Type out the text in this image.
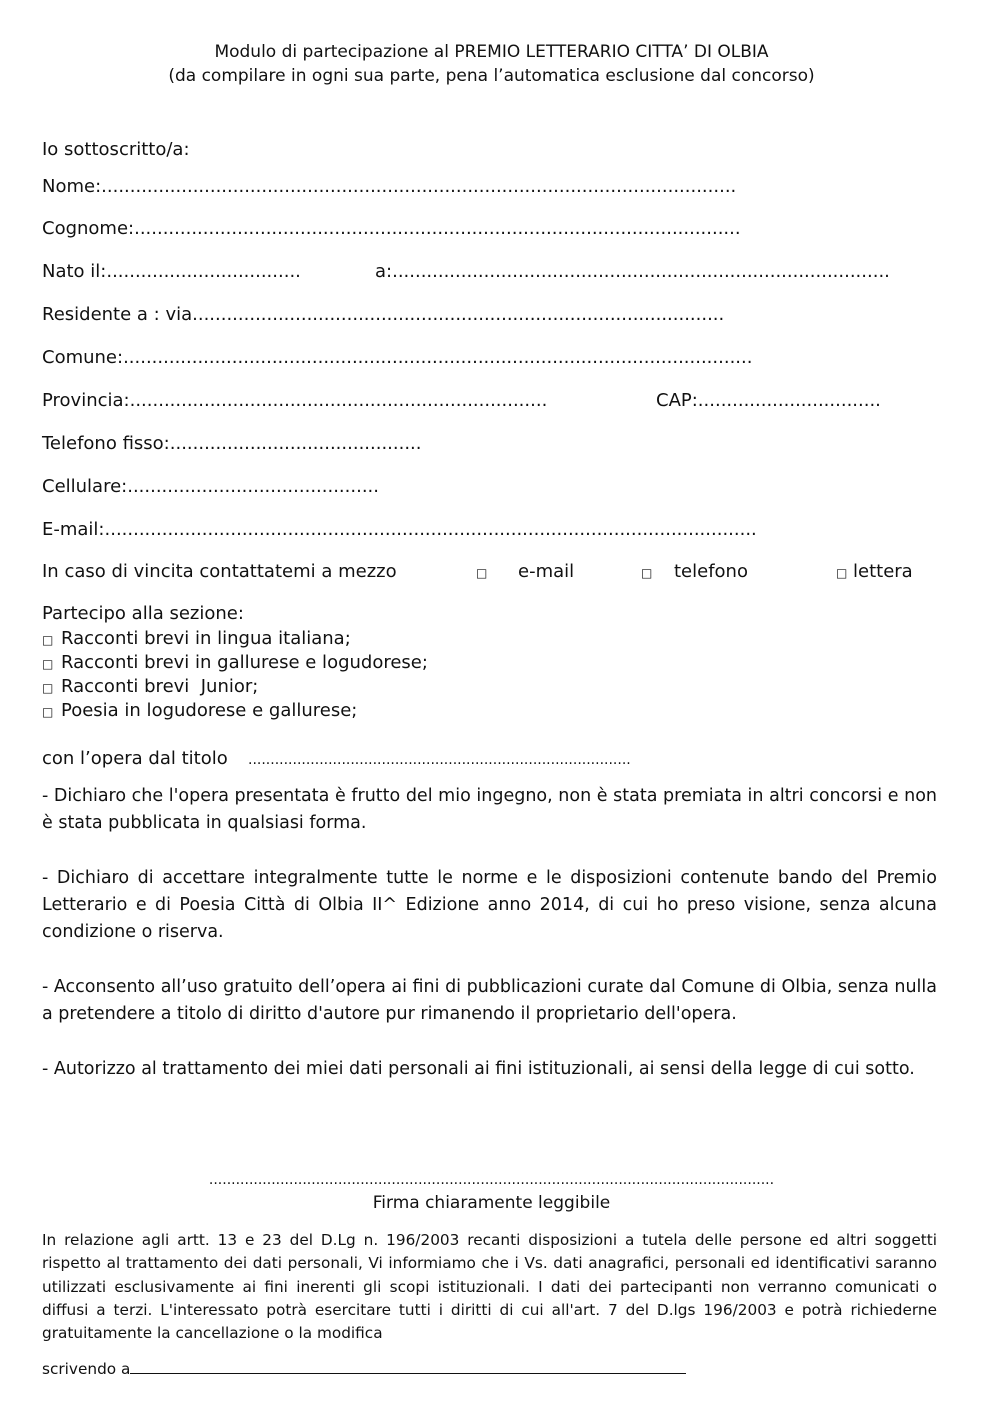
Modulo di partecipazione al PREMIO LETTERARIO CITTA’ DI OLBIA
(da compilare in ogni sua parte, pena l’automatica esclusione dal concorso)
Io sottoscritto/a:
Nome:...............................................................................................................
Cognome:..........................................................................................................
Nato il:..................................	a:.......................................................................................
Residente a : via.............................................................................................
Comune:..............................................................................................................
Provincia:.........................................................................	CAP:................................
Telefono fisso:............................................
Cellulare:............................................
E-mail:..................................................................................................................
In caso di vincita contattatemi a mezzo	□ e-mail	□ telefono	□ lettera
Partecipo alla sezione:
□ Racconti brevi in lingua italiana;
□ Racconti brevi in gallurese e logudorese;
□ Racconti brevi  Junior;
□ Poesia in logudorese e gallurese;
con l’opera dal titolo ......................................................................................

- Dichiaro che l'opera presentata è frutto del mio ingegno, non è stata premiata in altri concorsi e non è stata pubblicata in qualsiasi forma.

- Dichiaro di accettare integralmente tutte le norme e le disposizioni contenute bando del Premio Letterario e di Poesia Città di Olbia II^ Edizione anno 2014, di cui ho preso visione, senza alcuna condizione o riserva.

- Acconsento all’uso gratuito dell’opera ai fini di pubblicazioni curate dal Comune di Olbia, senza nulla a pretendere a titolo di diritto d'autore pur rimanendo il proprietario dell'opera.

- Autorizzo al trattamento dei miei dati personali ai fini istituzionali, ai sensi della legge di cui sotto.

...............................................................................................................................
Firma chiaramente leggibile

In relazione agli artt. 13 e 23 del D.Lg n. 196/2003 recanti disposizioni a tutela delle persone ed altri soggetti rispetto al trattamento dei dati personali, Vi informiamo che i Vs. dati anagrafici, personali ed identificativi saranno utilizzati esclusivamente ai fini inerenti gli scopi istituzionali. I dati dei partecipanti non verranno comunicati o diffusi a terzi. L'interessato potrà esercitare tutti i diritti di cui all'art. 7 del D.lgs 196/2003 e potrà richiederne gratuitamente la cancellazione o la modifica

scrivendo a
